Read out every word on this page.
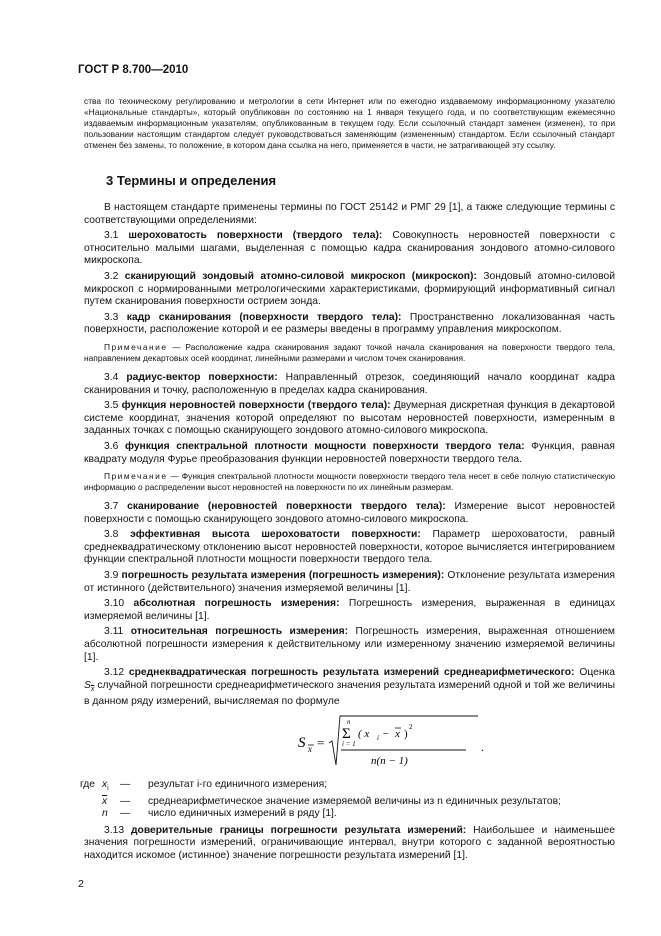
ГОСТ Р 8.700—2010

ства по техническому регулированию и метрологии в сети Интернет или по ежегодно издаваемому информационному указателю «Национальные стандарты», который опубликован по состоянию на 1 января текущего года, и по соответствующим ежемесячно издаваемым информационным указателям, опубликованным в текущем году. Если ссылочный стандарт заменен (изменен), то при пользовании настоящим стандартом следует руководствоваться заменяющим (измененным) стандартом. Если ссылочный стандарт отменен без замены, то положение, в котором дана ссылка на него, применяется в части, не затрагивающей эту ссылку.

3 Термины и определения

В настоящем стандарте применены термины по ГОСТ 25142 и РМГ 29 [1], а также следующие термины с соответствующими определениями:

3.1 шероховатость поверхности (твердого тела): Совокупность неровностей поверхности с относительно малыми шагами, выделенная с помощью кадра сканирования зондового атомно-силового микроскопа.

3.2 сканирующий зондовый атомно-силовой микроскоп (микроскоп): Зондовый атомно-силовой микроскоп с нормированными метрологическими характеристиками, формирующий информативный сигнал путем сканирования поверхности острием зонда.

3.3 кадр сканирования (поверхности твердого тела): Пространственно локализованная часть поверхности, расположение которой и ее размеры введены в программу управления микроскопом.

Примечание — Расположение кадра сканирования задают точкой начала сканирования на поверхности твердого тела, направлением декартовых осей координат, линейными размерами и числом точек сканирования.

3.4 радиус-вектор поверхности: Направленный отрезок, соединяющий начало координат кадра сканирования и точку, расположенную в пределах кадра сканирования.

3.5 функция неровностей поверхности (твердого тела): Двумерная дискретная функция в декартовой системе координат, значения которой определяют по высотам неровностей поверхности, измеренным в заданных точках с помощью сканирующего зондового атомно-силового микроскопа.

3.6 функция спектральной плотности мощности поверхности твердого тела: Функция, равная квадрату модуля Фурье преобразования функции неровностей поверхности твердого тела.

Примечание — Функция спектральной плотности мощности поверхности твердого тела несет в себе полную статистическую информацию о распределении высот неровностей на поверхности по их линейным размерам.

3.7 сканирование (неровностей поверхности твердого тела): Измерение высот неровностей поверхности с помощью сканирующего зондового атомно-силового микроскопа.

3.8 эффективная высота шероховатости поверхности: Параметр шероховатости, равный среднеквадратическому отклонению высот неровностей поверхности, которое вычисляется интегрированием функции спектральной плотности мощности поверхности твердого тела.

3.9 погрешность результата измерения (погрешность измерения): Отклонение результата измерения от истинного (действительного) значения измеряемой величины [1].

3.10 абсолютная погрешность измерения: Погрешность измерения, выраженная в единицах измеряемой величины [1].

3.11 относительная погрешность измерения: Погрешность измерения, выраженная отношением абсолютной погрешности измерения к действительному или измеренному значению измеряемой величины [1].

3.12 среднеквадратическая погрешность результата измерений среднеарифметического: Оценка $S_{\overline{x}}$ случайной погрешности среднеарифметического значения результата измерений одной и той же величины в данном ряду измерений, вычисляемая по формуле

S x =
n
Σ
i = 1
( x i − x )
2
n(n − 1)
.
где $x_i$	—	результат i-го единичного измерения;
$\overline{x}$	—	среднеарифметическое значение измеряемой величины из n единичных результатов;
n	—	число единичных измерений в ряду [1].

3.13 доверительные границы погрешности результата измерений: Наибольшее и наименьшее значения погрешности измерений, ограничивающие интервал, внутри которого с заданной вероятностью находится искомое (истинное) значение погрешности результата измерений [1].

2
